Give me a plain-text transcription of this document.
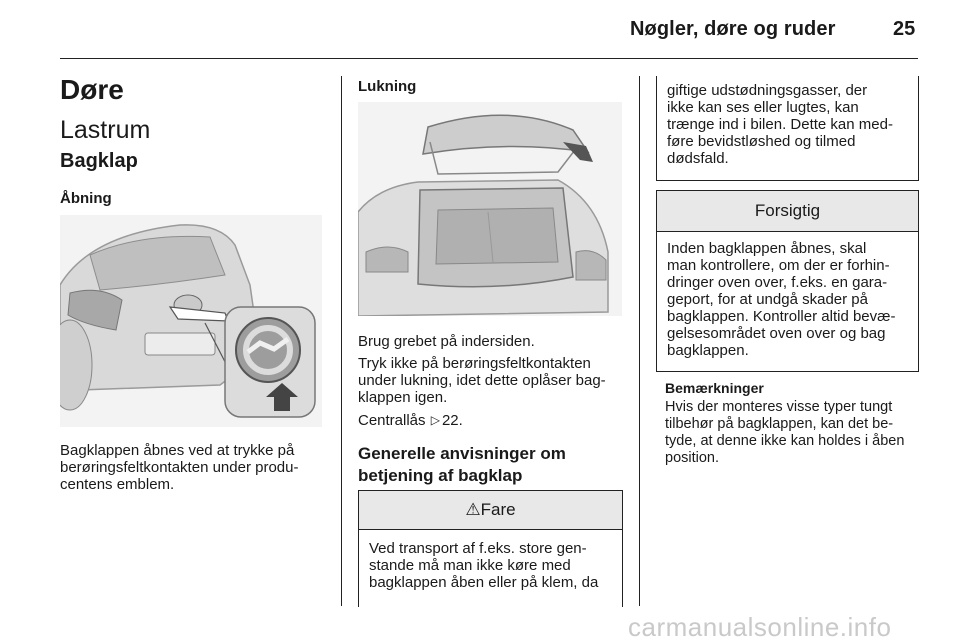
Nøgler, døre og ruder	25
Døre
Lastrum
Bagklap
Åbning
Bagklappen åbnes ved at trykke på
berøringsfeltkontakten under produ-
centens emblem.
Lukning
Brug grebet på indersiden.
Tryk ikke på berøringsfeltkontakten
under lukning, idet dette oplåser bag-
klappen igen.
Centrallås ▷ 22.
Generelle anvisninger om
betjening af bagklap
⚠Fare
Ved transport af f.eks. store gen-
stande må man ikke køre med
bagklappen åben eller på klem, da
giftige udstødningsgasser, der
ikke kan ses eller lugtes, kan
trænge ind i bilen. Dette kan med-
føre bevidstløshed og tilmed
dødsfald.
Forsigtig
Inden bagklappen åbnes, skal
man kontrollere, om der er forhin-
dringer oven over, f.eks. en gara-
geport, for at undgå skader på
bagklappen. Kontroller altid bevæ-
gelsesområdet oven over og bag
bagklappen.
Bemærkninger
Hvis der monteres visse typer tungt
tilbehør på bagklappen, kan det be-
tyde, at denne ikke kan holdes i åben
position.
carmanualsonline.info
